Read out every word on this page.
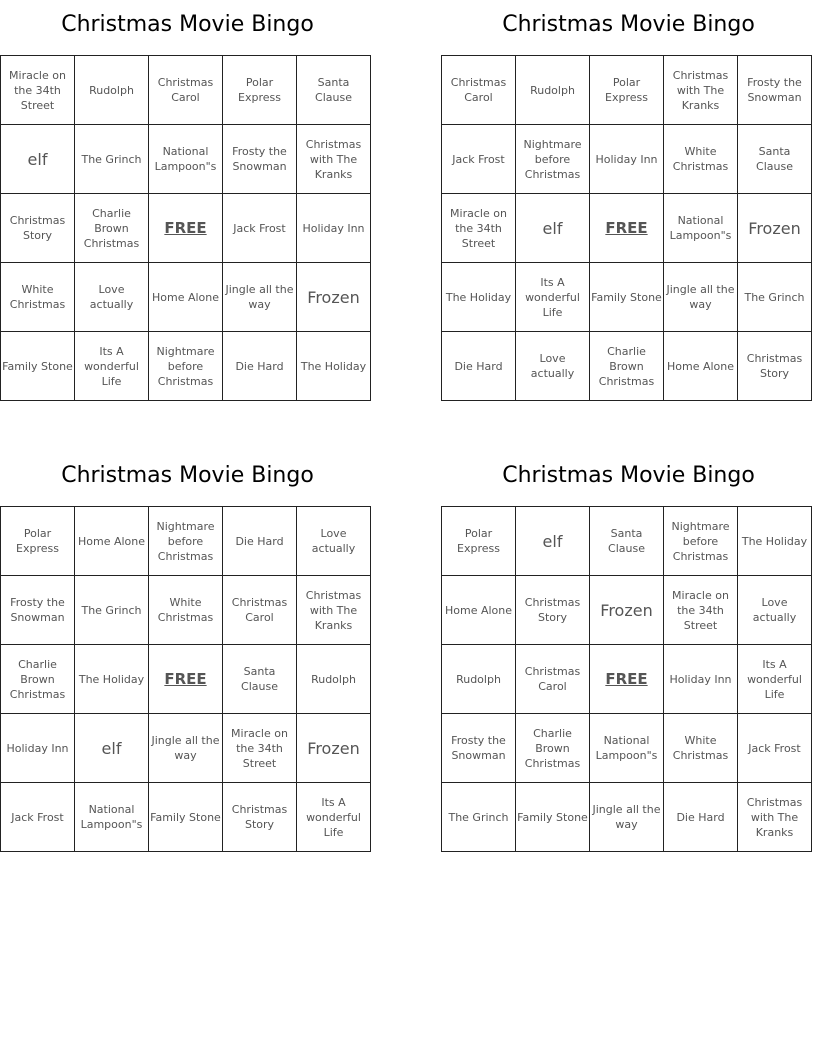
Christmas Movie Bingo
Miracle on the 34th Street	Rudolph	Christmas Carol	Polar Express	Santa Clause
elf	The Grinch	National Lampoon"s	Frosty the Snowman	Christmas with The Kranks
Christmas Story	Charlie Brown Christmas	FREE	Jack Frost	Holiday Inn
White Christmas	Love actually	Home Alone	Jingle all the way	Frozen
Family Stone	Its A wonderful Life	Nightmare before Christmas	Die Hard	The Holiday
Christmas Movie Bingo
Christmas Carol	Rudolph	Polar Express	Christmas with The Kranks	Frosty the Snowman
Jack Frost	Nightmare before Christmas	Holiday Inn	White Christmas	Santa Clause
Miracle on the 34th Street	elf	FREE	National Lampoon"s	Frozen
The Holiday	Its A wonderful Life	Family Stone	Jingle all the way	The Grinch
Die Hard	Love actually	Charlie Brown Christmas	Home Alone	Christmas Story
Christmas Movie Bingo
Polar Express	Home Alone	Nightmare before Christmas	Die Hard	Love actually
Frosty the Snowman	The Grinch	White Christmas	Christmas Carol	Christmas with The Kranks
Charlie Brown Christmas	The Holiday	FREE	Santa Clause	Rudolph
Holiday Inn	elf	Jingle all the way	Miracle on the 34th Street	Frozen
Jack Frost	National Lampoon"s	Family Stone	Christmas Story	Its A wonderful Life
Christmas Movie Bingo
Polar Express	elf	Santa Clause	Nightmare before Christmas	The Holiday
Home Alone	Christmas Story	Frozen	Miracle on the 34th Street	Love actually
Rudolph	Christmas Carol	FREE	Holiday Inn	Its A wonderful Life
Frosty the Snowman	Charlie Brown Christmas	National Lampoon"s	White Christmas	Jack Frost
The Grinch	Family Stone	Jingle all the way	Die Hard	Christmas with The Kranks
